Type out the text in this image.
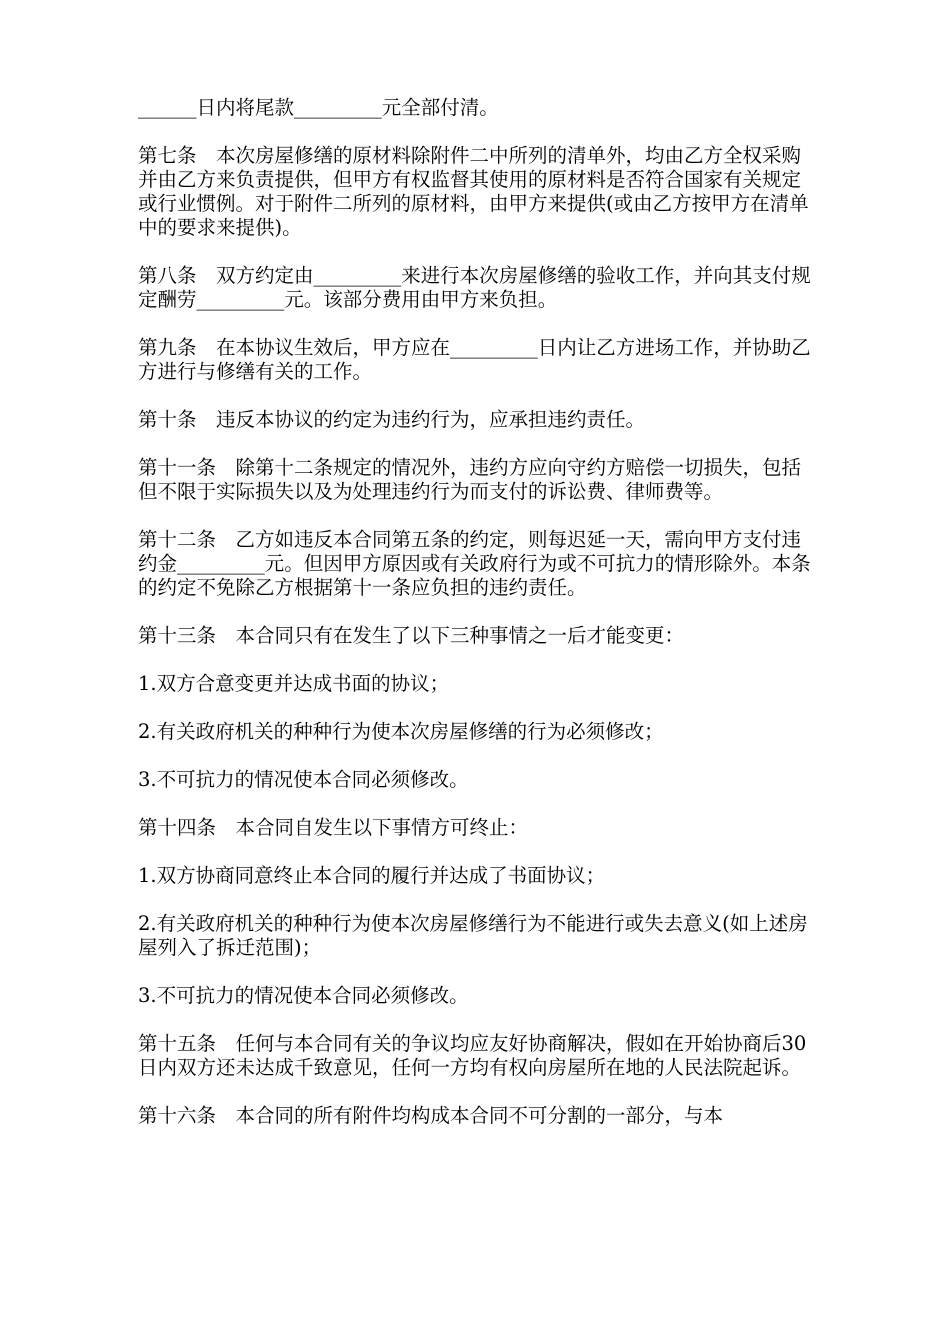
______日内将尾款_________元全部付清。

第七条　本次房屋修缮的原材料除附件二中所列的清单外，均由乙方全权采购并由乙方来负责提供，但甲方有权监督其使用的原材料是否符合国家有关规定或行业惯例。对于附件二所列的原材料，由甲方来提供(或由乙方按甲方在清单中的要求来提供)。

第八条　双方约定由_________来进行本次房屋修缮的验收工作，并向其支付规定酬劳_________元。该部分费用由甲方来负担。

第九条　在本协议生效后，甲方应在_________日内让乙方进场工作，并协助乙方进行与修缮有关的工作。

第十条　违反本协议的约定为违约行为，应承担违约责任。

第十一条　除第十二条规定的情况外，违约方应向守约方赔偿一切损失，包括但不限于实际损失以及为处理违约行为而支付的诉讼费、律师费等。

第十二条　乙方如违反本合同第五条的约定，则每迟延一天，需向甲方支付违约金_________元。但因甲方原因或有关政府行为或不可抗力的情形除外。本条的约定不免除乙方根据第十一条应负担的违约责任。

第十三条　本合同只有在发生了以下三种事情之一后才能变更：

1.双方合意变更并达成书面的协议；

2.有关政府机关的种种行为使本次房屋修缮的行为必须修改；

3.不可抗力的情况使本合同必须修改。

第十四条　本合同自发生以下事情方可终止：

1.双方协商同意终止本合同的履行并达成了书面协议；

2.有关政府机关的种种行为使本次房屋修缮行为不能进行或失去意义(如上述房屋列入了拆迁范围)；

3.不可抗力的情况使本合同必须修改。

第十五条　任何与本合同有关的争议均应友好协商解决，假如在开始协商后30日内双方还未达成千致意见，任何一方均有权向房屋所在地的人民法院起诉。

第十六条　本合同的所有附件均构成本合同不可分割的一部分，与本
